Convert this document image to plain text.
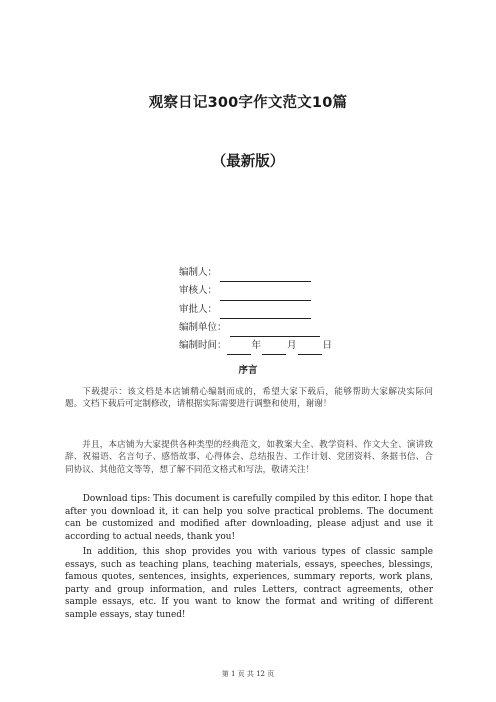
观察日记300字作文范文10篇
（最新版）
编制人：
审核人：
审批人：
编制单位：
编制时间：	年	月	日
序言

下载提示：该文档是本店铺精心编制而成的，希望大家下载后，能够帮助大家解决实际问题。文档下载后可定制修改，请根据实际需要进行调整和使用，谢谢！

并且，本店铺为大家提供各种类型的经典范文，如教案大全、教学资料、作文大全、演讲致辞、祝福语、名言句子、感悟故事、心得体会、总结报告、工作计划、党团资料、条据书信、合同协议、其他范文等等，想了解不同范文格式和写法，敬请关注！

Download tips: This document is carefully compiled by this editor. I hope that after you download it, it can help you solve practical problems. The document can be customized and modified after downloading, please adjust and use it according to actual needs, thank you!

In addition, this shop provides you with various types of classic sample essays, such as teaching plans, teaching materials, essays, speeches, blessings, famous quotes, sentences, insights, experiences, summary reports, work plans, party and group information, and rules Letters, contract agreements, other sample essays, etc. If you want to know the format and writing of different sample essays, stay tuned!

第 1 页 共 12 页
